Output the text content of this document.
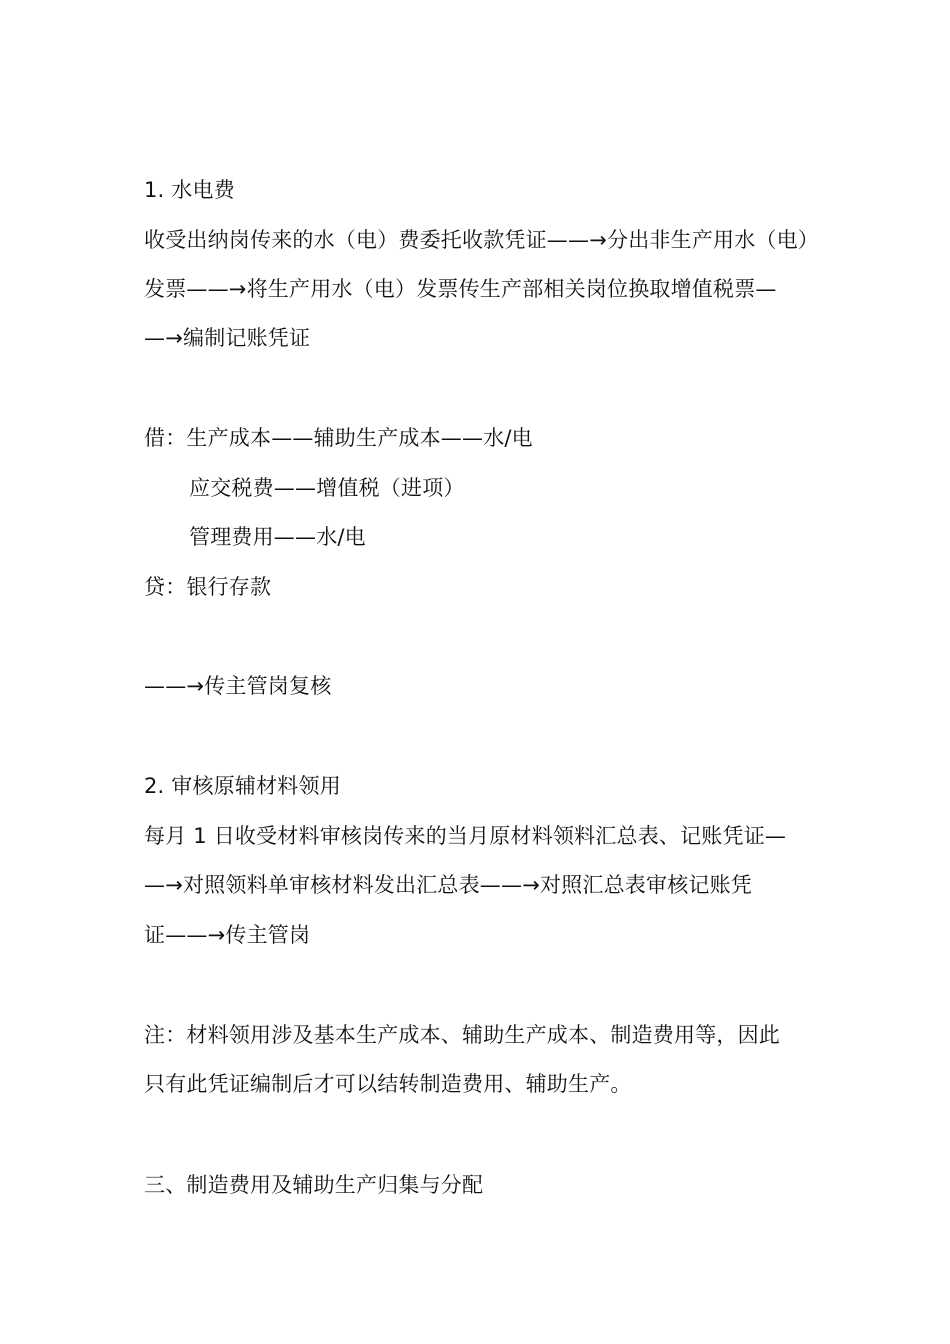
1. 水电费
收受出纳岗传来的水（电）费委托收款凭证——→分出非生产用水（电）
发票——→将生产用水（电）发票传生产部相关岗位换取增值税票—
—→编制记账凭证
借：生产成本——辅助生产成本——水/电
应交税费——增值税（进项）
管理费用——水/电
贷：银行存款
——→传主管岗复核
2. 审核原辅材料领用
每月 1 日收受材料审核岗传来的当月原材料领料汇总表、记账凭证—
—→对照领料单审核材料发出汇总表——→对照汇总表审核记账凭
证——→传主管岗
注：材料领用涉及基本生产成本、辅助生产成本、制造费用等，因此
只有此凭证编制后才可以结转制造费用、辅助生产。
三、制造费用及辅助生产归集与分配
